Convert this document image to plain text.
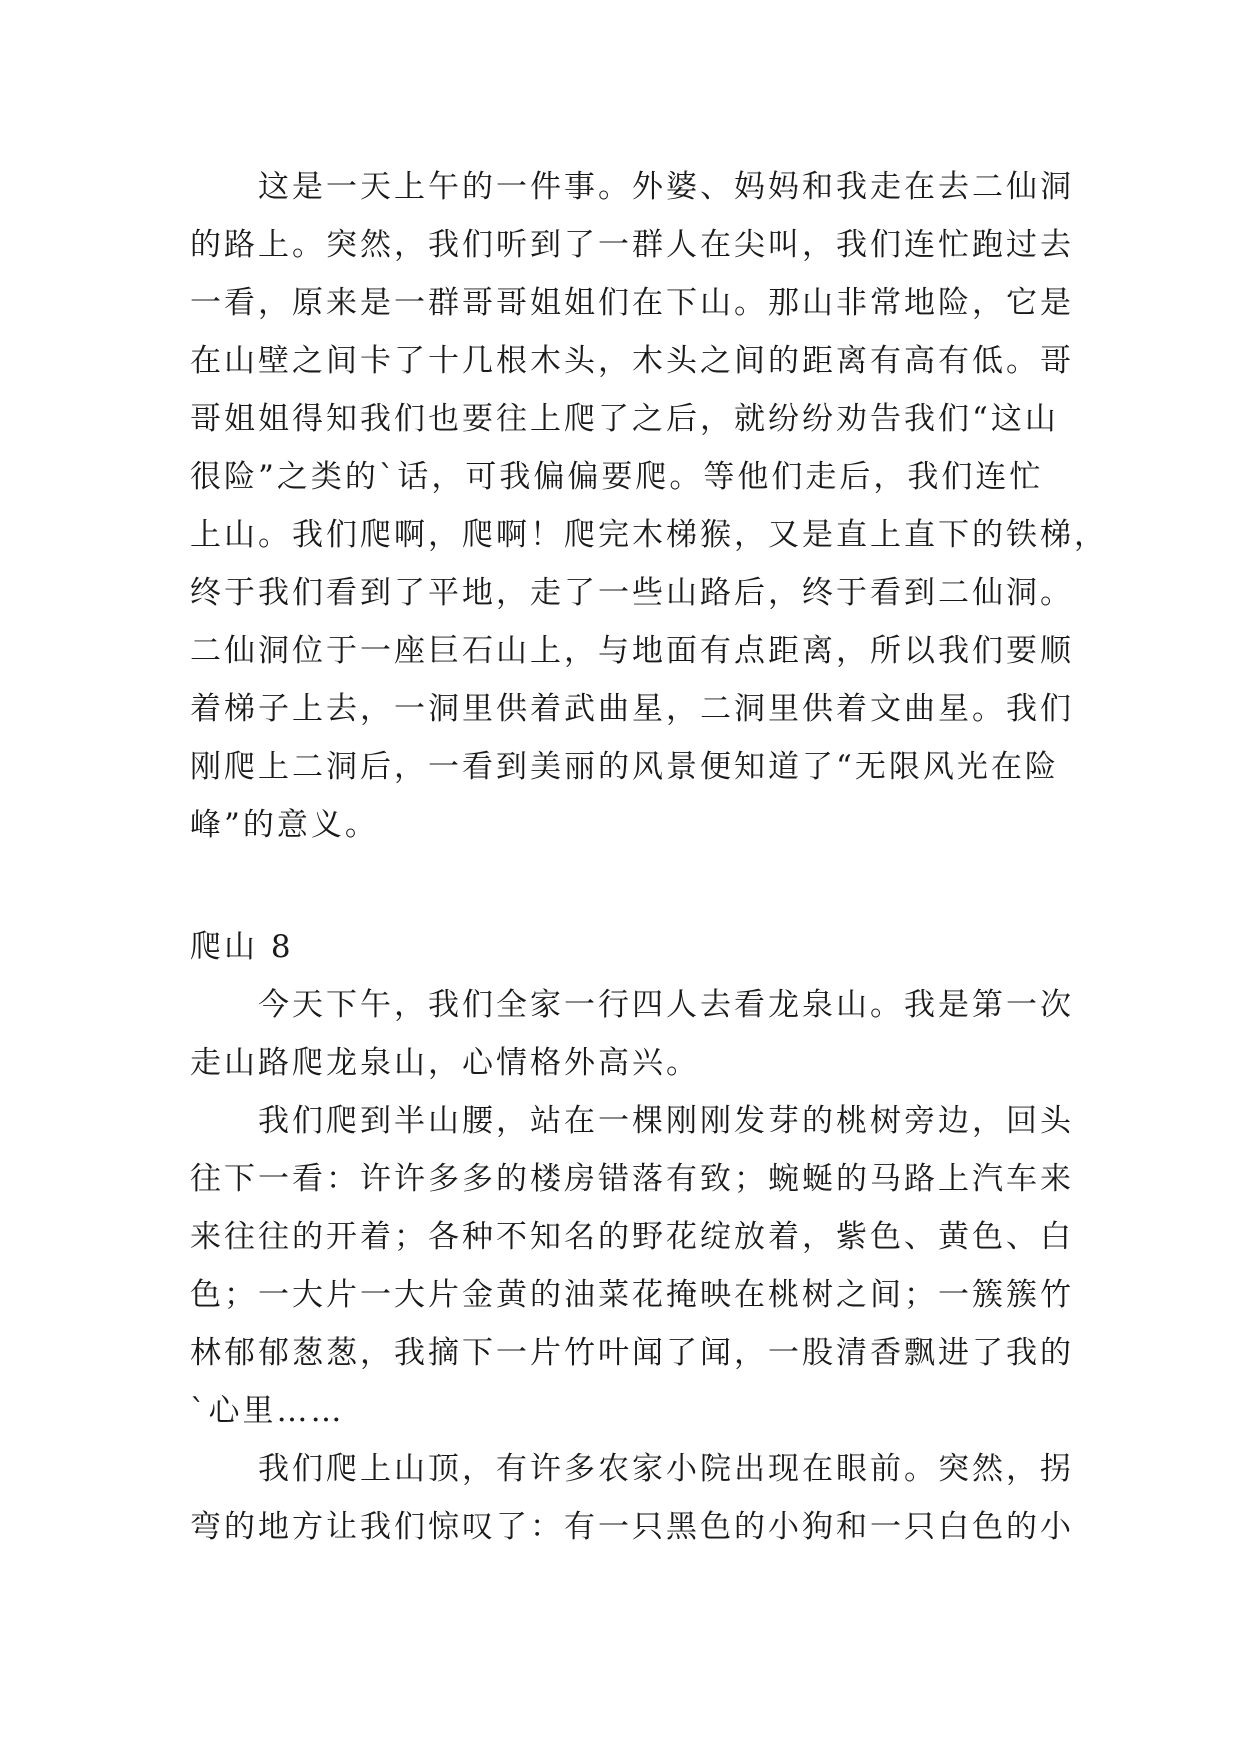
这是一天上午的一件事。外婆、妈妈和我走在去二仙洞
的路上。突然，我们听到了一群人在尖叫，我们连忙跑过去
一看，原来是一群哥哥姐姐们在下山。那山非常地险，它是
在山壁之间卡了十几根木头，木头之间的距离有高有低。哥
哥姐姐得知我们也要往上爬了之后，就纷纷劝告我们“这山
很险”之类的`话，可我偏偏要爬。等他们走后，我们连忙
上山。我们爬啊，爬啊！爬完木梯猴，又是直上直下的铁梯，
终于我们看到了平地，走了一些山路后，终于看到二仙洞。
二仙洞位于一座巨石山上，与地面有点距离，所以我们要顺
着梯子上去，一洞里供着武曲星，二洞里供着文曲星。我们
刚爬上二洞后，一看到美丽的风景便知道了“无限风光在险
峰”的意义。
爬山 8
今天下午，我们全家一行四人去看龙泉山。我是第一次
走山路爬龙泉山，心情格外高兴。
我们爬到半山腰，站在一棵刚刚发芽的桃树旁边，回头
往下一看：许许多多的楼房错落有致；蜿蜒的马路上汽车来
来往往的开着；各种不知名的野花绽放着，紫色、黄色、白
色；一大片一大片金黄的油菜花掩映在桃树之间；一簇簇竹
林郁郁葱葱，我摘下一片竹叶闻了闻，一股清香飘进了我的
`心里……
我们爬上山顶，有许多农家小院出现在眼前。突然，拐
弯的地方让我们惊叹了：有一只黑色的小狗和一只白色的小
